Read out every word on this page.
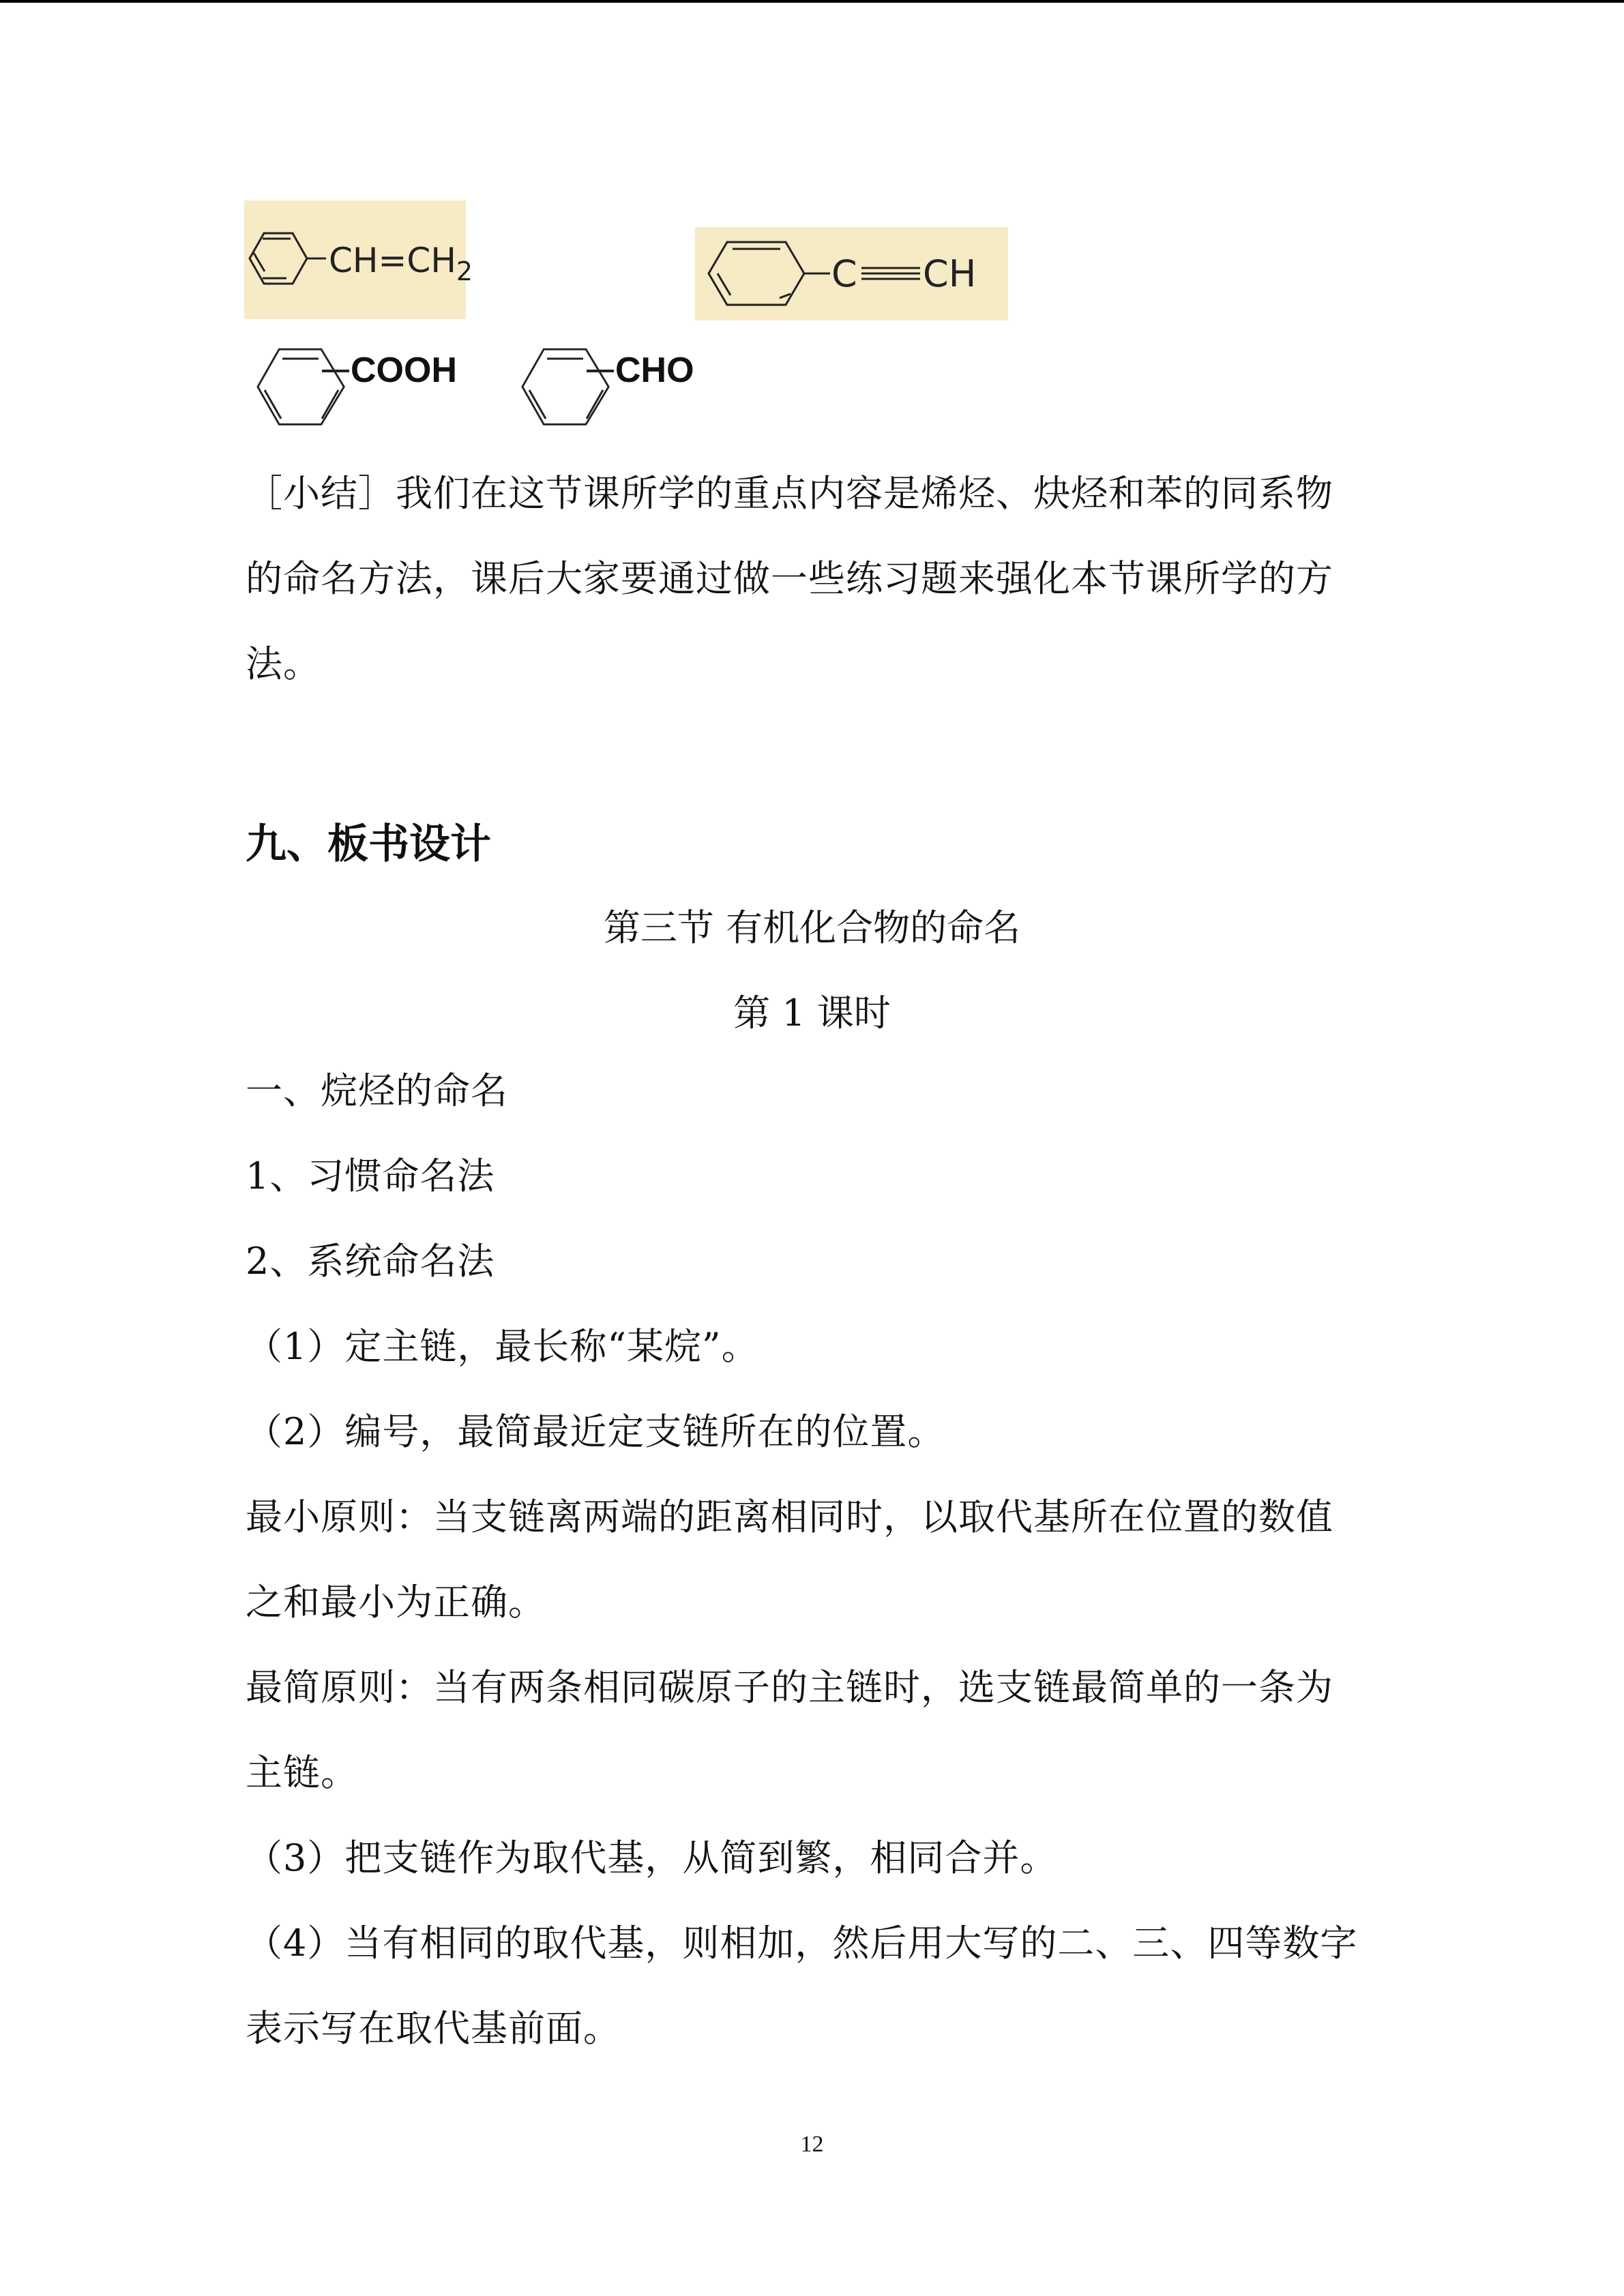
$CH=CH_2$	C CH
COOH	CHO
［小结］我们在这节课所学的重点内容是烯烃、炔烃和苯的同系物
的命名方法，课后大家要通过做一些练习题来强化本节课所学的方
法。
九、板书设计
第三节 有机化合物的命名
第 1 课时
一、烷烃的命名
1、习惯命名法
2、系统命名法
（1）定主链，最长称“某烷”。
（2）编号，最简最近定支链所在的位置。
最小原则：当支链离两端的距离相同时，以取代基所在位置的数值
之和最小为正确。
最简原则：当有两条相同碳原子的主链时，选支链最简单的一条为
主链。
（3）把支链作为取代基，从简到繁，相同合并。
（4）当有相同的取代基，则相加，然后用大写的二、三、四等数字
表示写在取代基前面。
12
